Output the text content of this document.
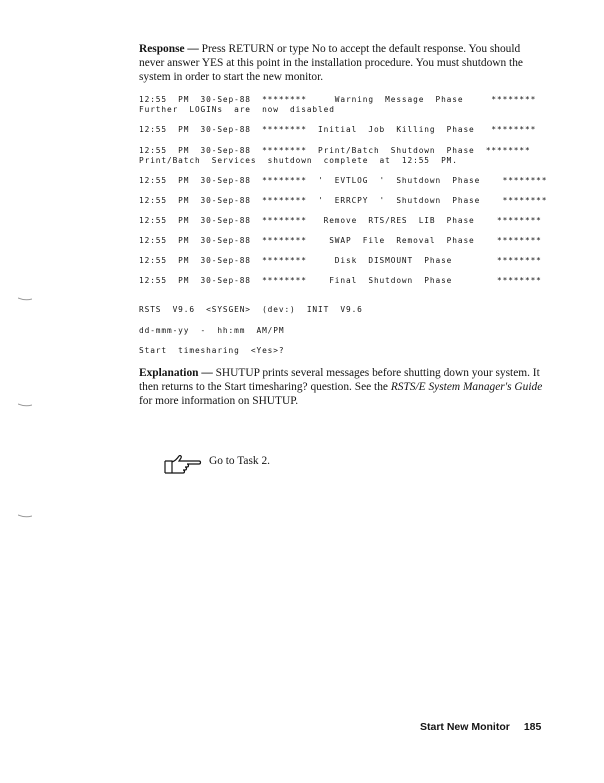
Response — Press RETURN or type No to accept the default response. You should never answer YES at this point in the installation procedure. You must shutdown the system in order to start the new monitor.

12:55  PM  30-Sep-88  ********     Warning  Message  Phase     ********

Further  LOGINs  are  now  disabled

12:55  PM  30-Sep-88  ********  Initial  Job  Killing  Phase   ********

12:55  PM  30-Sep-88  ********  Print/Batch  Shutdown  Phase  ********

Print/Batch  Services  shutdown  complete  at  12:55  PM.

12:55  PM  30-Sep-88  ********  '  EVTLOG  '  Shutdown  Phase    ********

12:55  PM  30-Sep-88  ********  '  ERRCPY  '  Shutdown  Phase    ********

12:55  PM  30-Sep-88  ********   Remove  RTS/RES  LIB  Phase    ********

12:55  PM  30-Sep-88  ********    SWAP  File  Removal  Phase    ********

12:55  PM  30-Sep-88  ********     Disk  DISMOUNT  Phase        ********

12:55  PM  30-Sep-88  ********    Final  Shutdown  Phase        ********

RSTS  V9.6  <SYSGEN>  (dev:)  INIT  V9.6

dd-mmm-yy  -  hh:mm  AM/PM

Start  timesharing  <Yes>?

Explanation — SHUTUP prints several messages before shutting down your system. It then returns to the Start timesharing? question. See the RSTS/E System Manager's Guide for more information on SHUTUP.
Go to Task 2.
Start New Monitor 185
